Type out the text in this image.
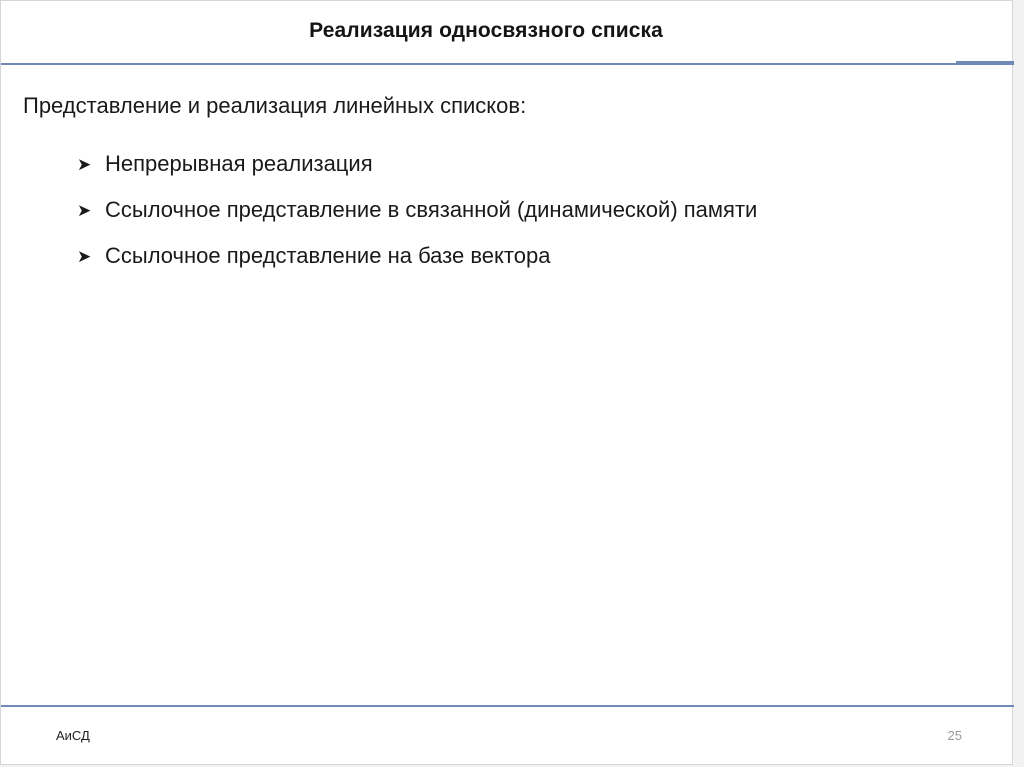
Реализация односвязного списка
Представление и реализация линейных списков:
➤ Непрерывная реализация
➤ Ссылочное представление в связанной (динамической) памяти
➤ Ссылочное представление на базе вектора
АиСД	25
